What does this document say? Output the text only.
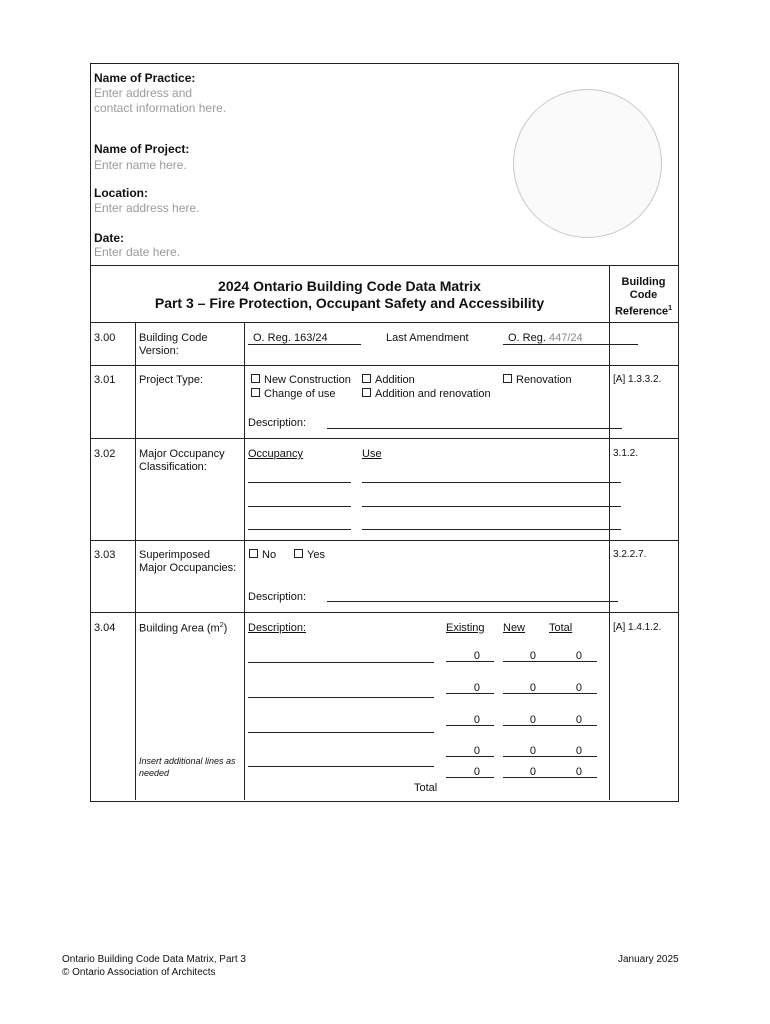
Name of Practice:
Enter address and
contact information here.
Name of Project:
Enter name here.
Location:
Enter address here.
Date:
Enter date here.
2024 Ontario Building Code Data Matrix
Part 3 – Fire Protection, Occupant Safety and Accessibility
Building
Code
Reference$^1$
3.00 Building Code
Version:
O. Reg. 163/24	Last Amendment	O. Reg. 447/24
3.01 Project Type:	New Construction	Addition	Renovation
Change of use	Addition and renovation
Description:
[A] 1.3.3.2.
3.02 Major Occupancy
Classification:
Occupancy	Use	3.1.2.
3.03 Superimposed
Major Occupancies:
No	Yes
Description:
3.2.2.7.
3.04 Building Area $(m^2)$ Description:	Existing New Total	[A] 1.4.1.2.
0	0	0
0	0	0
0	0	0
0	0	0
0	0	0
Insert additional lines as
needed
Total
Ontario Building Code Data Matrix, Part 3
© Ontario Association of Architects
January 2025
